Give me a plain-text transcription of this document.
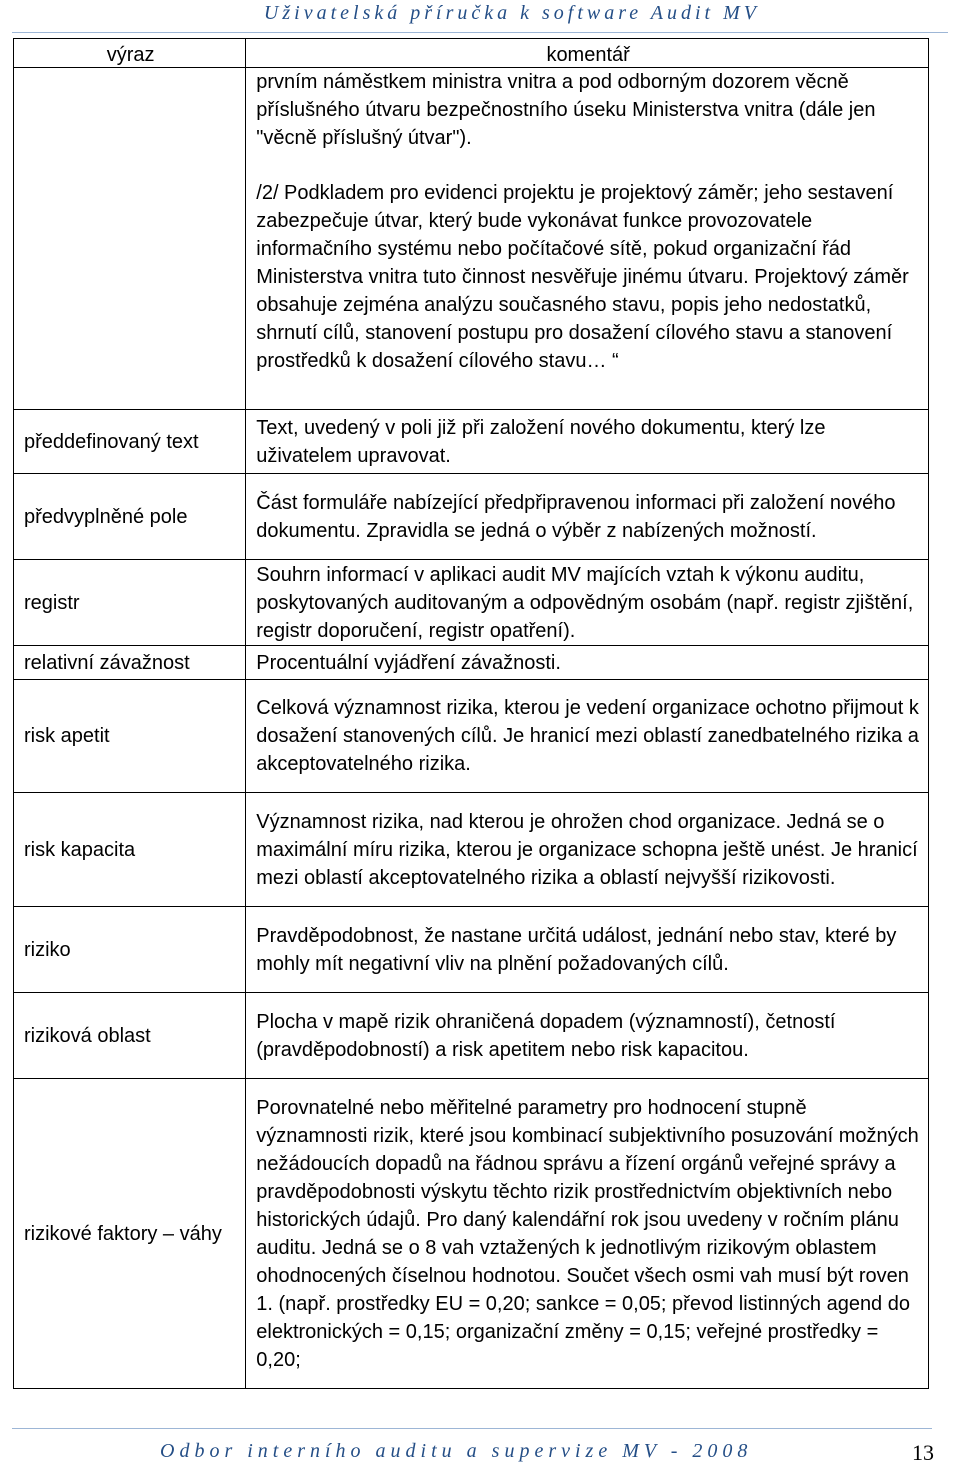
Uživatelská příručka k software Audit MV
výraz	komentář
	prvním náměstkem ministra vnitra a pod odborným dozorem věcně příslušného útvaru bezpečnostního úseku Ministerstva vnitra (dále jen "věcně příslušný útvar").
/2/ Podkladem pro evidenci projektu je projektový záměr; jeho sestavení zabezpečuje útvar, který bude vykonávat funkce provozovatele informačního systému nebo počítačové sítě, pokud organizační řád Ministerstva vnitra tuto činnost nesvěřuje jinému útvaru. Projektový záměr obsahuje zejména analýzu současného stavu, popis jeho nedostatků, shrnutí cílů, stanovení postupu pro dosažení cílového stavu a stanovení prostředků k dosažení cílového stavu… “
předdefinovaný text	Text, uvedený v poli již při založení nového dokumentu, který lze uživatelem upravovat.
předvyplněné pole	Část formuláře nabízející předpřipravenou informaci při založení nového dokumentu. Zpravidla se jedná o výběr z nabízených možností.
registr	Souhrn informací v aplikaci audit MV majících vztah k výkonu auditu, poskytovaných auditovaným a odpovědným osobám (např. registr zjištění, registr doporučení, registr opatření).
relativní závažnost	Procentuální vyjádření závažnosti.
risk apetit	Celková významnost rizika, kterou je vedení organizace ochotno přijmout k dosažení stanovených cílů. Je hranicí mezi oblastí zanedbatelného rizika a akceptovatelného rizika.
risk kapacita	Významnost rizika, nad kterou je ohrožen chod organizace. Jedná se o maximální míru rizika, kterou je organizace schopna ještě unést. Je hranicí mezi oblastí akceptovatelného rizika a oblastí nejvyšší rizikovosti.
riziko	Pravděpodobnost, že nastane určitá událost, jednání nebo stav, které by mohly mít negativní vliv na plnění požadovaných cílů.
riziková oblast	Plocha v mapě rizik ohraničená dopadem (významností), četností (pravděpodobností) a risk apetitem nebo risk kapacitou.
rizikové faktory – váhy	Porovnatelné nebo měřitelné parametry pro hodnocení stupně významnosti rizik, které jsou kombinací subjektivního posuzování možných nežádoucích dopadů na řádnou správu a řízení orgánů veřejné správy a pravděpodobnosti výskytu těchto rizik prostřednictvím objektivních nebo historických údajů. Pro daný kalendářní rok jsou uvedeny v ročním plánu auditu. Jedná se o 8 vah vztažených k jednotlivým rizikovým oblastem ohodnocených číselnou hodnotou. Součet všech osmi vah musí být roven 1. (např. prostředky EU = 0,20; sankce = 0,05; převod listinných agend do elektronických = 0,15; organizační změny = 0,15; veřejné prostředky = 0,20;
Odbor interního auditu a supervize MV - 2008	13
